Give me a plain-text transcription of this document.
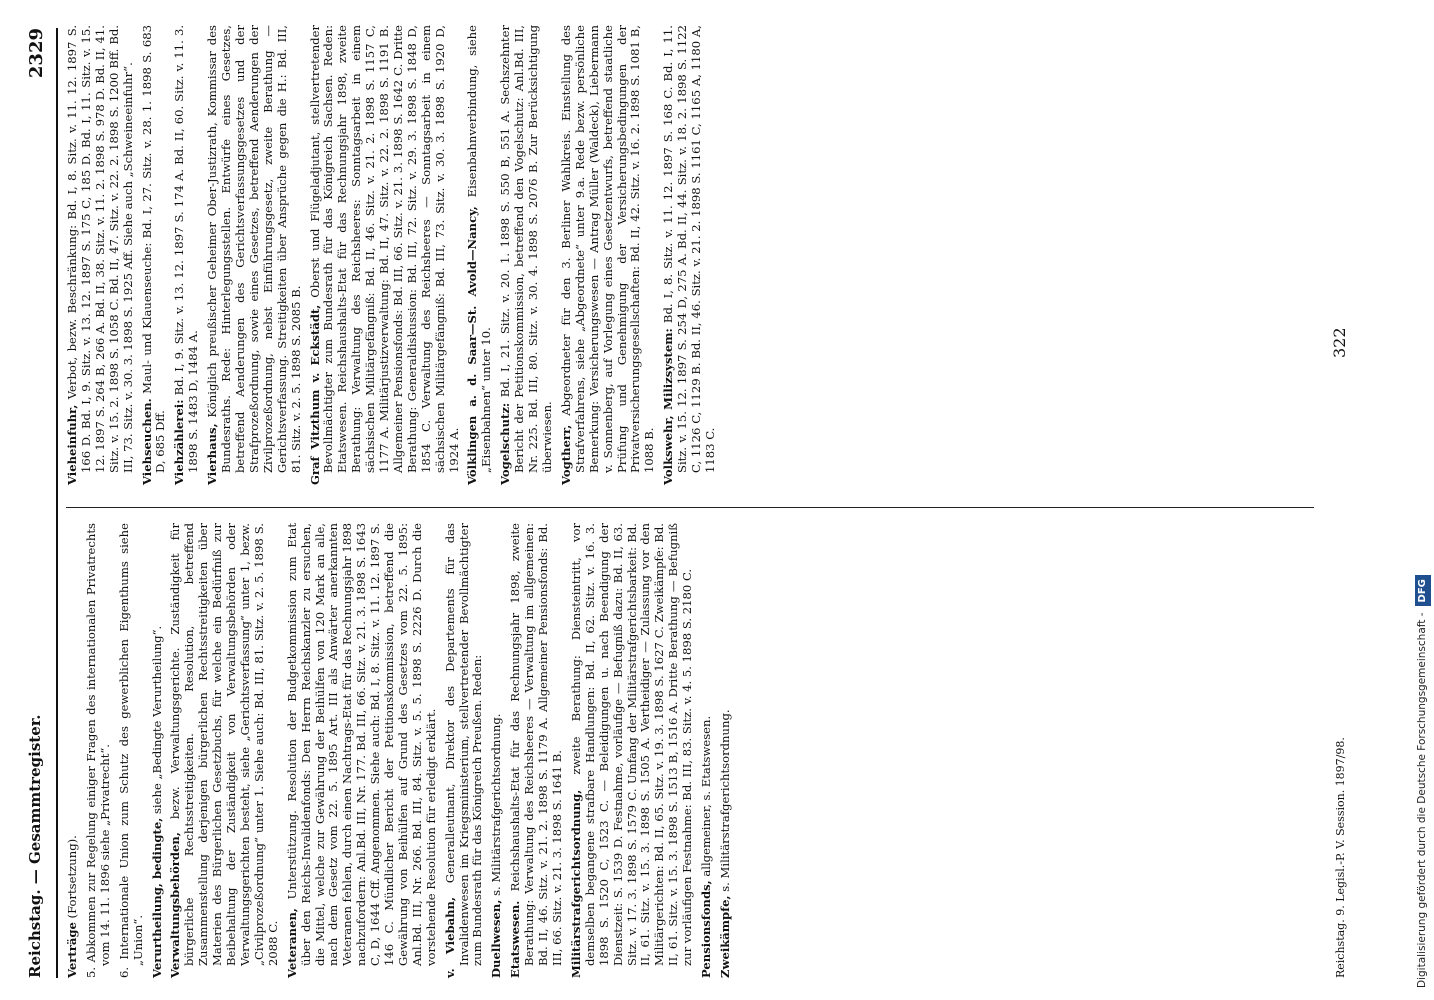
Reichstag. — Gesammtregister.
2329
Verträge (Fortsetzung). 5. Abkommen zur Regelung einiger Fragen des internationalen Privatrechts vom 14. 11. 1896 siehe „Privatrecht“. 6. Internationale Union zum Schutz des gewerblichen Eigenthums siehe „Union“. Verurtheilung, bedingte, siehe „Bedingte Verurtheilung“.
Verwaltungsbehörden, bezw. Verwaltungsgerichte. Zuständigkeit für bürgerliche Rechtsstreitigkeiten. Resolution, betreffend Zusammenstellung derjenigen bürgerlichen Rechtsstreitigkeiten über Materien des Bürgerlichen Gesetzbuchs, für welche ein Bedürfniß zur Beibehaltung der Zuständigkeit von Verwaltungsbehörden oder Verwaltungsgerichten besteht, siehe „Gerichtsverfassung“ unter 1, bezw. „Civilprozeßordnung“ unter 1. Siehe auch: Bd. III, 81. Sitz. v. 2. 5. 1898 S. 2088 C. Veteranen, Unterstützung. Resolution der Budgetkommission zum Etat über den Reichs-Invalidenfonds: Den Herrn Reichskanzler zu ersuchen, die Mittel, welche zur Gewährung der Beihülfen von 120 Mark an alle, nach dem Gesetz vom 22. 5. 1895 Art. III als Anwärter anerkannten Veteranen fehlen, durch einen Nachtrags-Etat für das Rechnungsjahr 1898 nachzufordern: Anl.Bd. III, Nr. 177. Bd. III, 66. Sitz. v. 21. 3. 1898 S. 1643 C, D, 1644 Cff. Angenommen. Siehe auch: Bd. I, 8. Sitz. v. 11. 12. 1897 S. 146 C. Mündlicher Bericht der Petitionskommission, betreffend die Gewährung von Beihülfen auf Grund des Gesetzes vom 22. 5. 1895: Anl.Bd. III, Nr. 266. Bd. III, 84. Sitz. v. 5. 5. 1898 S. 2226 D. Durch die vorstehende Resolution für erledigt erklärt. v. Viebahn, Generalleutnant, Direktor des Departements für das Invalidenwesen im Kriegsministerium, stellvertretender Bevollmächtigter zum Bundesrath für das Königreich Preußen. Reden: Duellwesen, s. Militärstrafgerichtsordnung.
Etatswesen. Reichshaushalts-Etat für das Rechnungsjahr 1898, zweite Berathung: Verwaltung des Reichsheeres — Verwaltung im allgemeinen: Bd. II, 46. Sitz. v. 21. 2. 1898 S. 1179 A. Allgemeiner Pensionsfonds: Bd. III, 66. Sitz. v. 21. 3. 1898 S. 1641 B. Militärstrafgerichtsordnung, zweite Berathung: Diensteintritt, vor demselben begangene strafbare Handlungen: Bd. II, 62. Sitz. v. 16. 3. 1898 S. 1520 C, 1523 C. — Beleidigungen u. nach Beendigung der Dienstzeit: S. 1539 D. Festnahme, vorläufige — Befugniß dazu: Bd. II, 63. Sitz. v. 17. 3. 1898 S. 1579 C. Umfang der Militärstrafgerichtsbarkeit: Bd. II, 61. Sitz. v. 15. 3. 1898 S. 1505 A. Vertheidiger — Zulassung vor den Militärgerichten: Bd. II, 65. Sitz. v. 19. 3. 1898 S. 1627 C. Zweikämpfe: Bd. II, 61. Sitz. v. 15. 3. 1898 S. 1513 B, 1516 A. Dritte Berathung — Befugniß zur vorläufigen Festnahme: Bd. III, 83. Sitz. v. 4. 5. 1898 S. 2180 C. Pensionsfonds, allgemeiner, s. Etatswesen.
Zweikämpfe, s. Militärstrafgerichtsordnung.
Vieheinfuhr, Verbot, bezw. Beschränkung: Bd. I, 8. Sitz. v. 11. 12. 1897 S. 166 D. Bd. I, 9. Sitz. v. 13. 12. 1897 S. 175 C, 185 D. Bd. I, 11. Sitz. v. 15. 12. 1897 S. 264 B, 266 A. Bd. II, 38. Sitz. v. 11. 2. 1898 S. 978 D. Bd. II, 41. Sitz. v. 15. 2. 1898 S. 1058 C. Bd. II, 47. Sitz. v. 22. 2. 1898 S. 1200 Bff. Bd. III, 73. Sitz. v. 30. 3. 1898 S. 1925 Aff. Siehe auch „Schweineeinfuhr“. Viehseuchen. Maul- und Klauenseuche: Bd. I, 27. Sitz. v. 28. 1. 1898 S. 683 D, 685 Dff. Viehzählerei: Bd. I, 9. Sitz. v. 13. 12. 1897 S. 174 A. Bd. II, 60. Sitz. v. 11. 3. 1898 S. 1483 D, 1484 A. Vierhaus, Königlich preußischer Geheimer Ober-Justizrath, Kommissar des Bundesraths. Rede: Hinterlegungsstellen. Entwürfe eines Gesetzes, betreffend Aenderungen des Gerichtsverfassungsgesetzes und der Strafprozeßordnung, sowie eines Gesetzes, betreffend Aenderungen der Zivilprozeßordnung, nebst Einführungsgesetz, zweite Berathung — Gerichtsverfassung. Streitigkeiten über Ansprüche gegen die H.: Bd. III, 81. Sitz. v. 2. 5. 1898 S. 2085 B. Graf Vitzthum v. Eckstädt, Oberst und Flügeladjutant, stellvertretender Bevollmächtigter zum Bundesrath für das Königreich Sachsen. Reden: Etatswesen. Reichshaushalts-Etat für das Rechnungsjahr 1898, zweite Berathung: Verwaltung des Reichsheeres: Sonntagsarbeit in einem sächsischen Militärgefängniß: Bd. II, 46. Sitz. v. 21. 2. 1898 S. 1157 C, 1177 A. Militärjustizverwaltung: Bd. II, 47. Sitz. v. 22. 2. 1898 S. 1191 B. Allgemeiner Pensionsfonds: Bd. III, 66. Sitz. v. 21. 3. 1898 S. 1642 C. Dritte Berathung: Generaldiskussion: Bd. III, 72. Sitz. v. 29. 3. 1898 S. 1848 D, 1854 C. Verwaltung des Reichsheeres — Sonntagsarbeit in einem sächsischen Militärgefängniß: Bd. III, 73. Sitz. v. 30. 3. 1898 S. 1920 D, 1924 A. Völklingen a. d. Saar—St. Avold—Nancy, Eisenbahnverbindung, siehe „Eisenbahnen“ unter 10. Vogelschutz: Bd. I, 21. Sitz. v. 20. 1. 1898 S. 550 B, 551 A. Sechszehnter Bericht der Petitionskommission, betreffend den Vogelschutz: Anl.Bd. III, Nr. 225. Bd. III, 80. Sitz. v. 30. 4. 1898 S. 2076 B. Zur Berücksichtigung überwiesen. Vogtherr, Abgeordneter für den 3. Berliner Wahlkreis. Einstellung des Strafverfahrens, siehe „Abgeordnete“ unter 9.a. Rede bezw. persönliche Bemerkung: Versicherungswesen — Antrag Müller (Waldeck), Liebermann v. Sonnenberg, auf Vorlegung eines Gesetzentwurfs, betreffend staatliche Prüfung und Genehmigung der Versicherungsbedingungen der Privatversicherungsgesellschaften: Bd. II, 42. Sitz. v. 16. 2. 1898 S. 1081 B, 1088 B. Volkswehr, Milizsystem: Bd. I, 8. Sitz. v. 11. 12. 1897 S. 168 C. Bd. I, 11. Sitz. v. 15. 12. 1897 S. 254 D, 275 A. Bd. II, 44. Sitz. v. 18. 2. 1898 S. 1122 C, 1126 C, 1129 B. Bd. II, 46. Sitz. v. 21. 2. 1898 S. 1161 C, 1165 A, 1180 A, 1183 C.
Reichstag. 9. Legisl.-P. V. Session. 1897/98.
322
Digitalisierung gefördert durch die Deutsche Forschungsgemeinschaft -DFG
